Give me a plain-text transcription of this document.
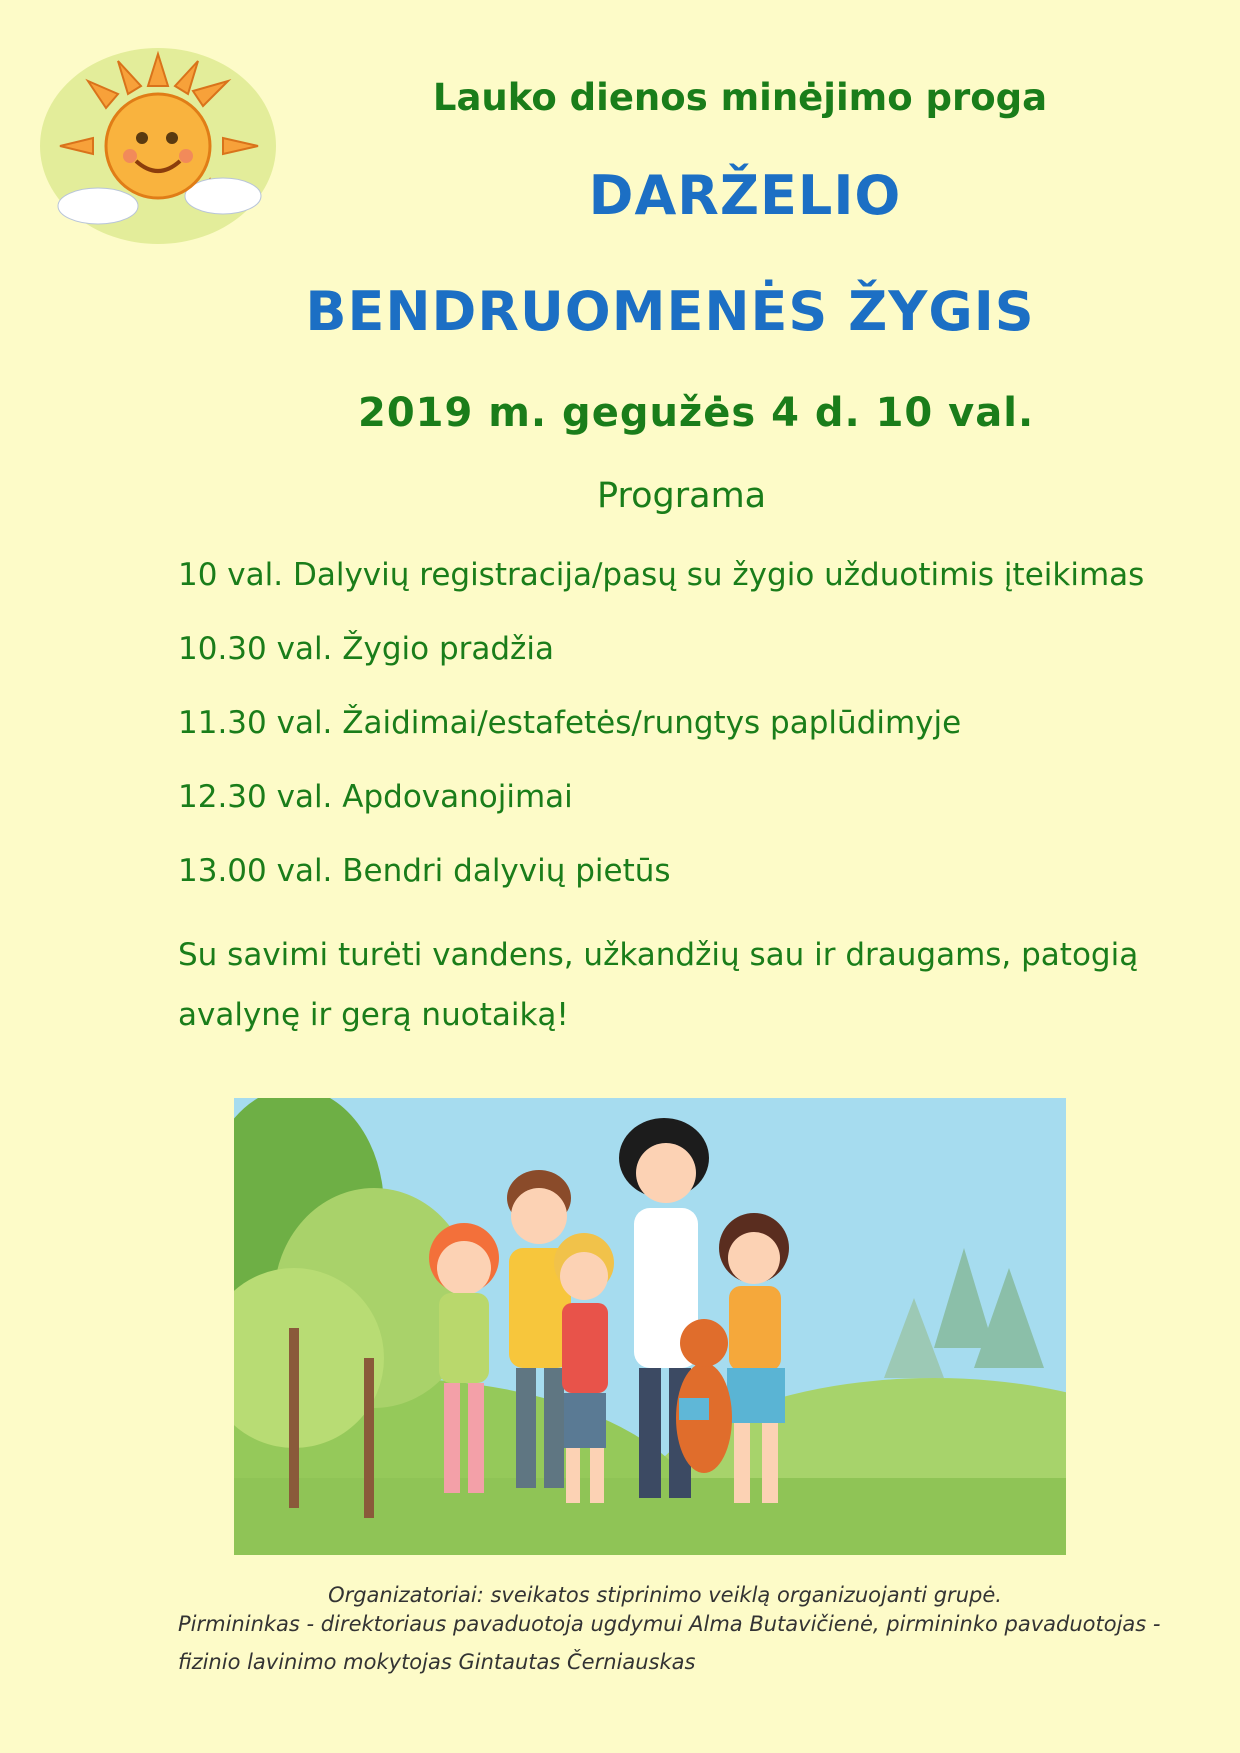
Lauko dienos minėjimo proga
DARŽELIO
BENDRUOMENĖS ŽYGIS
2019 m. gegužės 4 d. 10 val.
Programa
10 val. Dalyvių registracija/pasų su žygio užduotimis įteikimas
10.30 val. Žygio pradžia
11.30 val. Žaidimai/estafetės/rungtys paplūdimyje
12.30 val. Apdovanojimai
13.00 val. Bendri dalyvių pietūs
Su savimi turėti vandens, užkandžių sau ir draugams, patogią avalynę ir gerą nuotaiką!
Organizatoriai: sveikatos stiprinimo veiklą organizuojanti grupė.
Pirmininkas - direktoriaus pavaduotoja ugdymui Alma Butavičienė, pirmininko pavaduotojas - fizinio lavinimo mokytojas Gintautas Černiauskas
